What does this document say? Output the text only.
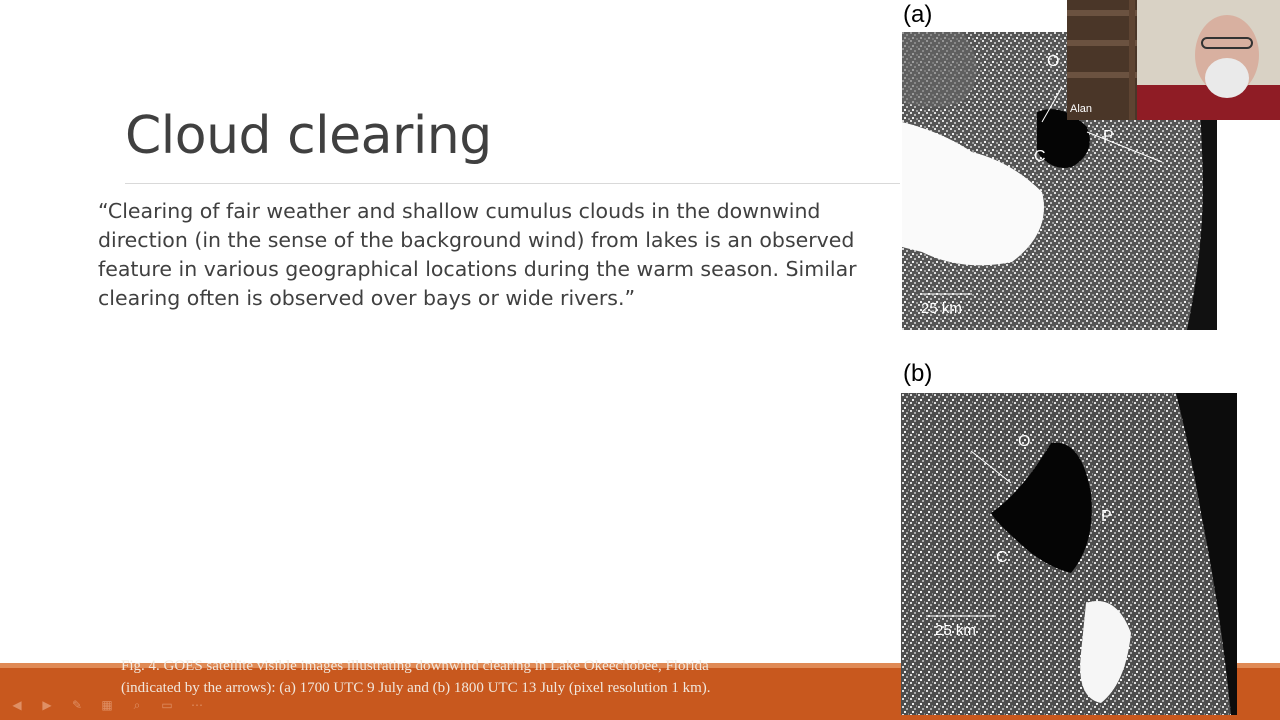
Cloud clearing

“Clearing of fair weather and shallow cumulus clouds in the downwind direction (in the sense of the background wind) from lakes is an observed feature in various geographical locations during the warm season. Similar clearing often is observed over bays or wide rivers.”

Fig. 4. GOES satellite visible images illustrating downwind clearing in Lake Okeechobee, Florida
(indicated by the arrows): (a) 1700 UTC 9 July and (b) 1800 UTC 13 July (pixel resolution 1 km).
(a)
O
P
C
25 km
(b)
O
P
C
25 km
Alan
◀	▶	✎	▦	⌕	▭	⋯
